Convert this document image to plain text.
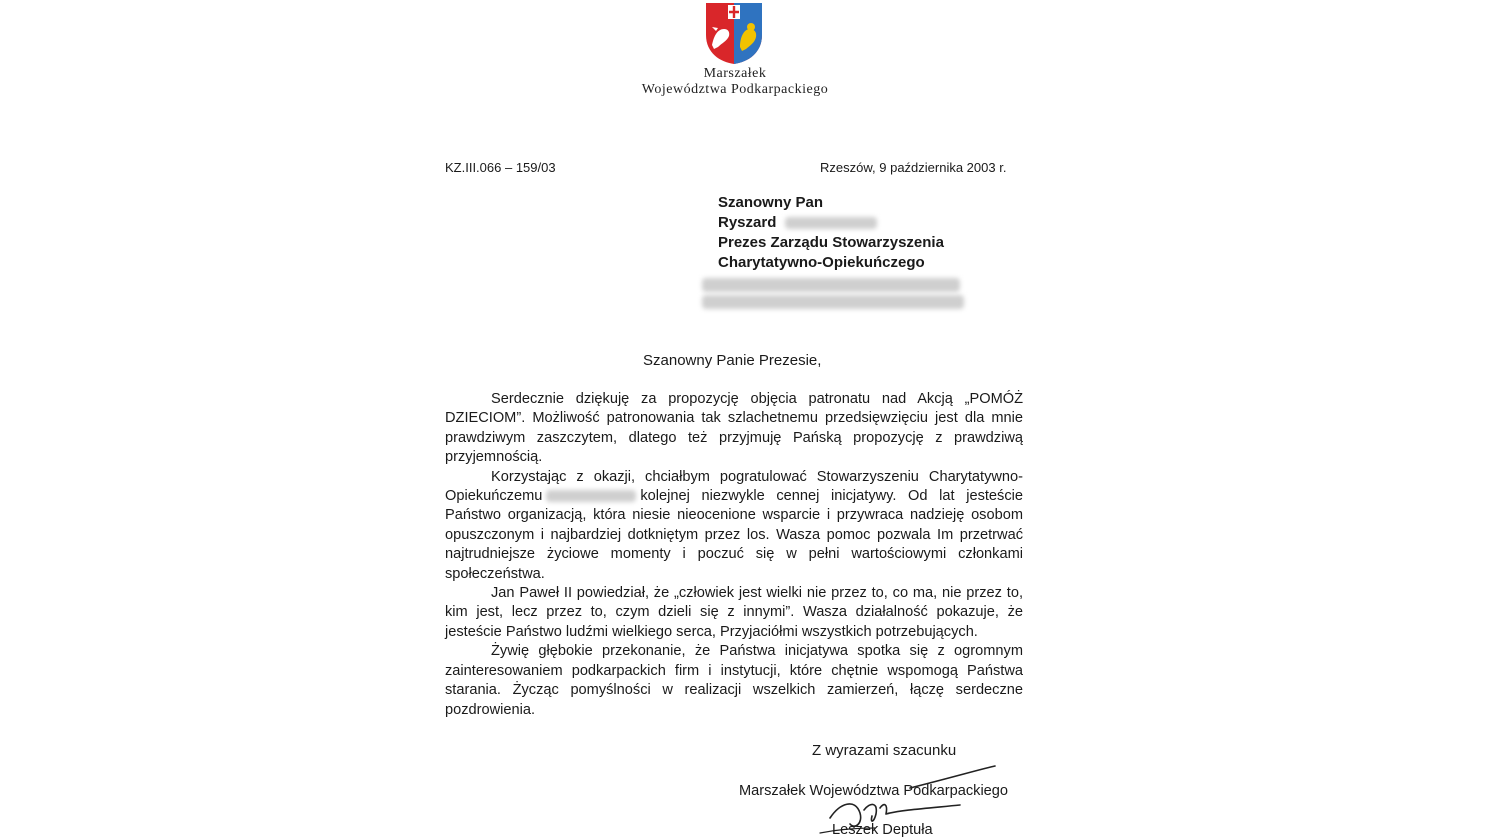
Marszałek
Województwa Podkarpackiego
KZ.III.066 – 159/03	Rzeszów, 9 października 2003 r.
Szanowny Pan
Ryszard
Prezes Zarządu Stowarzyszenia
Charytatywno-Opiekuńczego
Szanowny Panie Prezesie,

Serdecznie dziękuję za propozycję objęcia patronatu nad Akcją „POMÓŻ DZIECIOM”. Możliwość patronowania tak szlachetnemu przedsięwzięciu jest dla mnie prawdziwym zaszczytem, dlatego też przyjmuję Pańską propozycję z prawdziwą przyjemnością.

Korzystając z okazji, chciałbym pogratulować Stowarzyszeniu Charytatywno-Opiekuńczemu	kolejnej niezwykle cennej inicjatywy. Od lat jesteście Państwo organizacją, która niesie nieocenione wsparcie i przywraca nadzieję osobom opuszczonym i najbardziej dotkniętym przez los. Wasza pomoc pozwala Im przetrwać najtrudniejsze życiowe momenty i poczuć się w pełni wartościowymi członkami społeczeństwa.

Jan Paweł II powiedział, że „człowiek jest wielki nie przez to, co ma, nie przez to, kim jest, lecz przez to, czym dzieli się z innymi”. Wasza działalność pokazuje, że jesteście Państwo ludźmi wielkiego serca, Przyjaciółmi wszystkich potrzebujących.

Żywię głębokie przekonanie, że Państwa inicjatywa spotka się z ogromnym zainteresowaniem podkarpackich firm i instytucji, które chętnie wspomogą Państwa starania. Życząc pomyślności w realizacji wszelkich zamierzeń, łączę serdeczne pozdrowienia.

Z wyrazami szacunku
Marszałek Województwa Podkarpackiego
Leszek Deptuła
